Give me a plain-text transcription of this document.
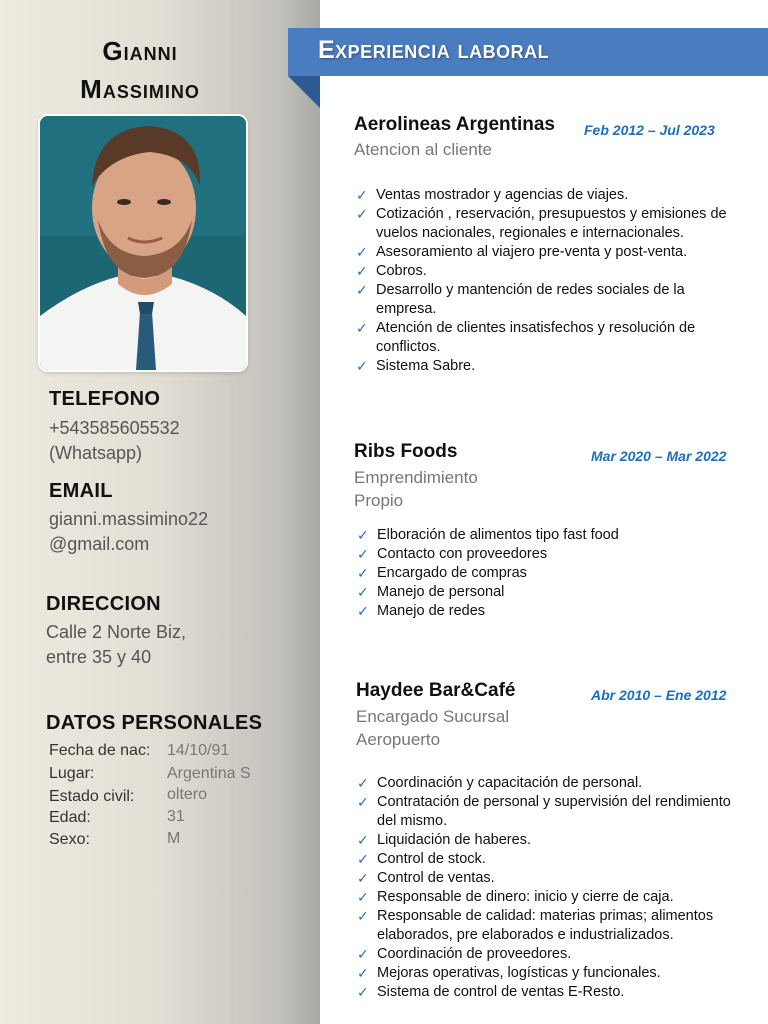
Gianni
Massimino
TELEFONO
+543585605532
(Whatsapp)
EMAIL
gianni.massimino22
@gmail.com
DIRECCION
Calle 2 Norte Biz,
entre 35 y 40
DATOS PERSONALES
Fecha de nac: 14/10/91
Lugar:	Argentina S
Estado civil: oltero
Edad:	31
Sexo:	M
Experiencia laboral
Aerolineas Argentinas Feb 2012 – Jul 2023
Atencion al cliente
✓ Ventas mostrador y agencias de viajes.
✓ Cotización , reservación, presupuestos y emisiones de vuelos nacionales, regionales e internacionales.
✓ Asesoramiento al viajero pre-venta y post-venta.
✓ Cobros.
✓ Desarrollo y mantención de redes sociales de la empresa.
✓ Atención de clientes insatisfechos y resolución de conflictos.
✓ Sistema Sabre.
Ribs Foods	Mar 2020 – Mar 2022
Emprendimiento
Propio
✓ Elboración de alimentos tipo fast food
✓ Contacto con proveedores
✓ Encargado de compras
✓ Manejo de personal
✓ Manejo de redes
Haydee Bar&Café	Abr 2010 – Ene 2012
Encargado Sucursal
Aeropuerto
✓ Coordinación y capacitación de personal.
✓ Contratación de personal y supervisión del rendimiento del mismo.
✓ Liquidación de haberes.
✓ Control de stock.
✓ Control de ventas.
✓ Responsable de dinero: inicio y cierre de caja.
✓ Responsable de calidad: materias primas; alimentos elaborados, pre elaborados e industrializados.
✓ Coordinación de proveedores.
✓ Mejoras operativas, logísticas y funcionales.
✓ Sistema de control de ventas E-Resto.
